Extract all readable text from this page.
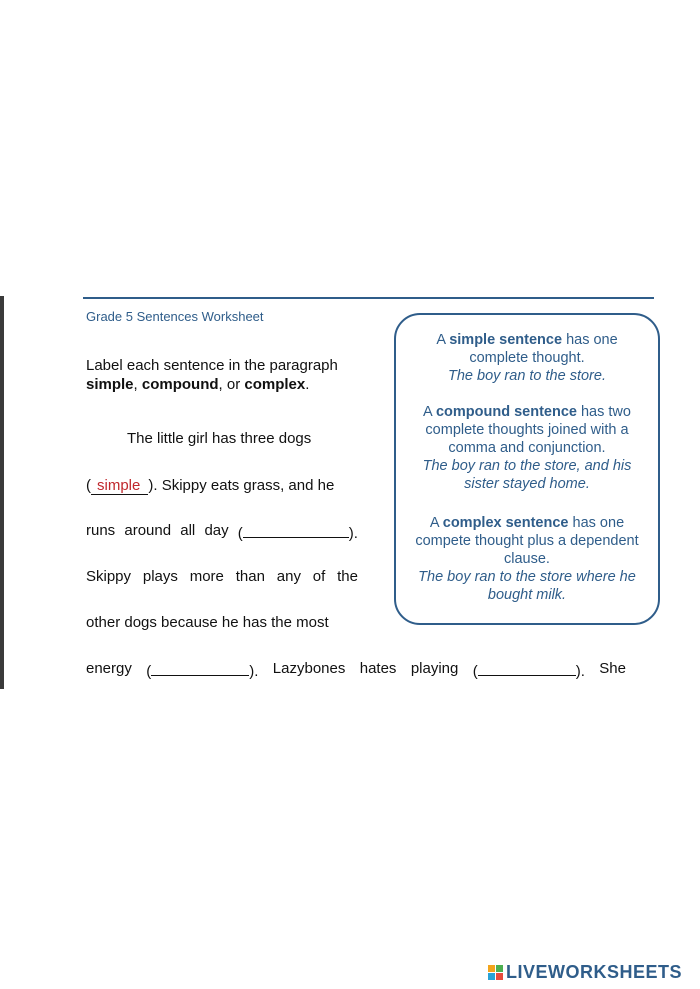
Grade 5 Sentences Worksheet
Label each sentence in the paragraph
simple, compound, or complex.
The little girl has three dogs
( simple ). Skippy eats grass, and he
runs around all day (	).
Skippy plays more than any of the
other dogs because he has the most
energy (	). Lazybones hates playing (	). She
A simple sentence has one complete thought.
The boy ran to the store.
A compound sentence has two complete thoughts joined with a comma and conjunction.
The boy ran to the store, and his sister stayed home.
A complex sentence has one compete thought plus a dependent clause.
The boy ran to the store where he bought milk.
LIVEWORKSHEETS
